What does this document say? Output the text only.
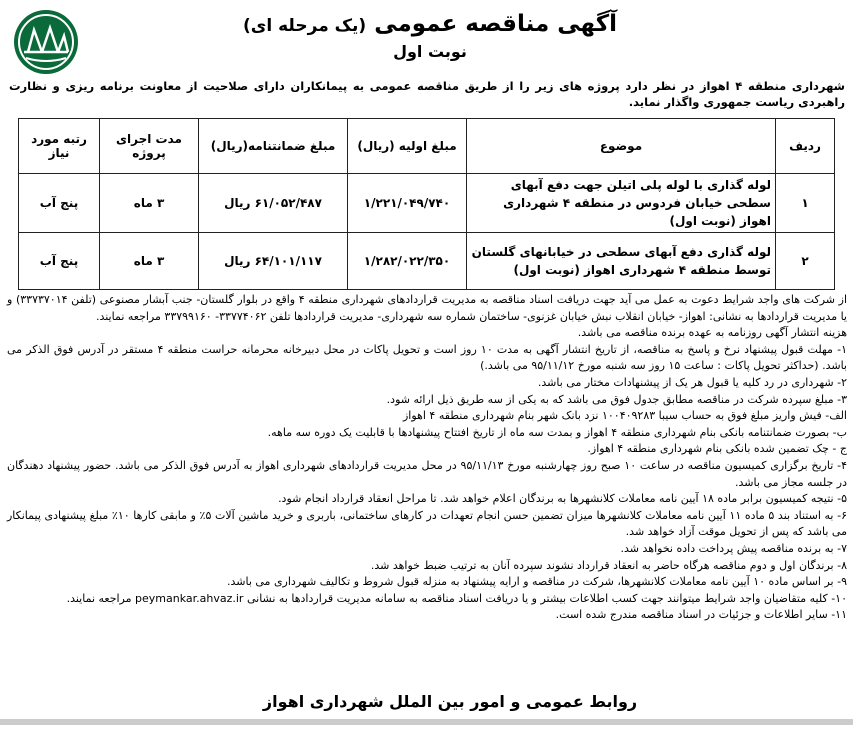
آگهی مناقصه عمومی (یک مرحله ای)
نوبت اول
شهرداری منطقه ۴ اهواز در نظر دارد پروژه های زیر را از طریق مناقصه عمومی به پیمانکاران دارای صلاحیت از معاونت برنامه ریزی و نظارت راهبردی ریاست جمهوری واگذار نماید.
ردیف	موضوع	مبلغ اولیه (ریال)	مبلغ ضمانتنامه(ریال)	مدت اجرای پروژه	رتبه مورد نیاز
۱	لوله گذاری با لوله پلی اتیلن جهت دفع آبهای سطحی خیابان فردوس در منطقه ۴ شهرداری اهواز (نوبت اول)	۱/۲۲۱/۰۴۹/۷۴۰	۶۱/۰۵۲/۴۸۷ ریال	۳ ماه	پنج آب
۲	لوله گذاری دفع آبهای سطحی در خیابانهای گلستان توسط منطقه ۴ شهرداری اهواز (نوبت اول)	۱/۲۸۲/۰۲۲/۳۵۰	۶۴/۱۰۱/۱۱۷ ریال	۳ ماه	پنج آب

از شرکت های واجد شرایط دعوت به عمل می آید جهت دریافت اسناد مناقصه به مدیریت قراردادهای شهرداری منطقه ۴ واقع در بلوار گلستان- جنب آبشار مصنوعی (تلفن ۳۳۷۳۷۰۱۴) و یا مدیریت قراردادها به نشانی: اهواز- خیابان انقلاب نبش خیابان غزنوی- ساختمان شماره سه شهرداری- مدیریت قراردادها تلفن ۳۳۷۷۴۰۶۲- ۳۳۷۹۹۱۶۰ مراجعه نمایند.

هزینه انتشار آگهی روزنامه به عهده برنده مناقصه می باشد.

۱- مهلت قبول پیشنهاد نرخ و پاسخ به مناقصه، از تاریخ انتشار آگهی به مدت ۱۰ روز است و تحویل پاکات در محل دبیرخانه محرمانه حراست منطقه ۴ مستقر در آدرس فوق الذکر می باشد. (حداکثر تحویل پاکات : ساعت ۱۵ روز سه شنبه مورخ ۹۵/۱۱/۱۲ می باشد.)

۲- شهرداری در رد کلیه یا قبول هر یک از پیشنهادات مختار می باشد.

۳- مبلغ سپرده شرکت در مناقصه مطابق جدول فوق می باشد که به یکی از سه طریق ذیل ارائه شود.

الف- فیش واریز مبلغ فوق به حساب سیبا ۱۰۰۴۰۹۲۸۳ نزد بانک شهر بنام شهرداری منطقه ۴ اهواز

ب- بصورت ضمانتنامه بانکی بنام شهرداری منطقه ۴ اهواز و بمدت سه ماه از تاریخ افتتاح پیشنهادها با قابلیت یک دوره سه ماهه.

ج - چک تضمین شده بانکی بنام شهرداری منطقه ۴ اهواز.

۴- تاریخ برگزاری کمیسیون مناقصه در ساعت ۱۰ صبح روز چهارشنبه مورخ ۹۵/۱۱/۱۳ در محل مدیریت قراردادهای شهرداری اهواز به آدرس فوق الذکر می باشد. حضور پیشنهاد دهندگان در جلسه مجاز می باشد.

۵- نتیجه کمیسیون برابر ماده ۱۸ آیین نامه معاملات کلانشهرها به برندگان اعلام خواهد شد. تا مراحل انعقاد قرارداد انجام شود.

۶- به استناد بند ۵ ماده ۱۱ آیین نامه معاملات کلانشهرها میزان تضمین حسن انجام تعهدات در کارهای ساختمانی، باربری و خرید ماشین آلات ۵٪ و مابقی کارها ۱۰٪ مبلغ پیشنهادی پیمانکار می باشد که پس از تحویل موقت آزاد خواهد شد.

۷- به برنده مناقصه پیش پرداخت داده نخواهد شد.

۸- برندگان اول و دوم مناقصه هرگاه حاضر به انعقاد قرارداد نشوند سپرده آنان به ترتیب ضبط خواهد شد.

۹- بر اساس ماده ۱۰ آیین نامه معاملات کلانشهرها، شرکت در مناقصه و ارایه پیشنهاد به منزله قبول شروط و تکالیف شهرداری می باشد.

۱۰- کلیه متقاضیان واجد شرایط میتوانند جهت کسب اطلاعات بیشتر و یا دریافت اسناد مناقصه به سامانه مدیریت قراردادها به نشانی peymankar.ahvaz.ir مراجعه نمایند.

۱۱- سایر اطلاعات و جزئیات در اسناد مناقصه مندرج شده است.

روابط عمومی و امور بین الملل شهرداری اهواز
